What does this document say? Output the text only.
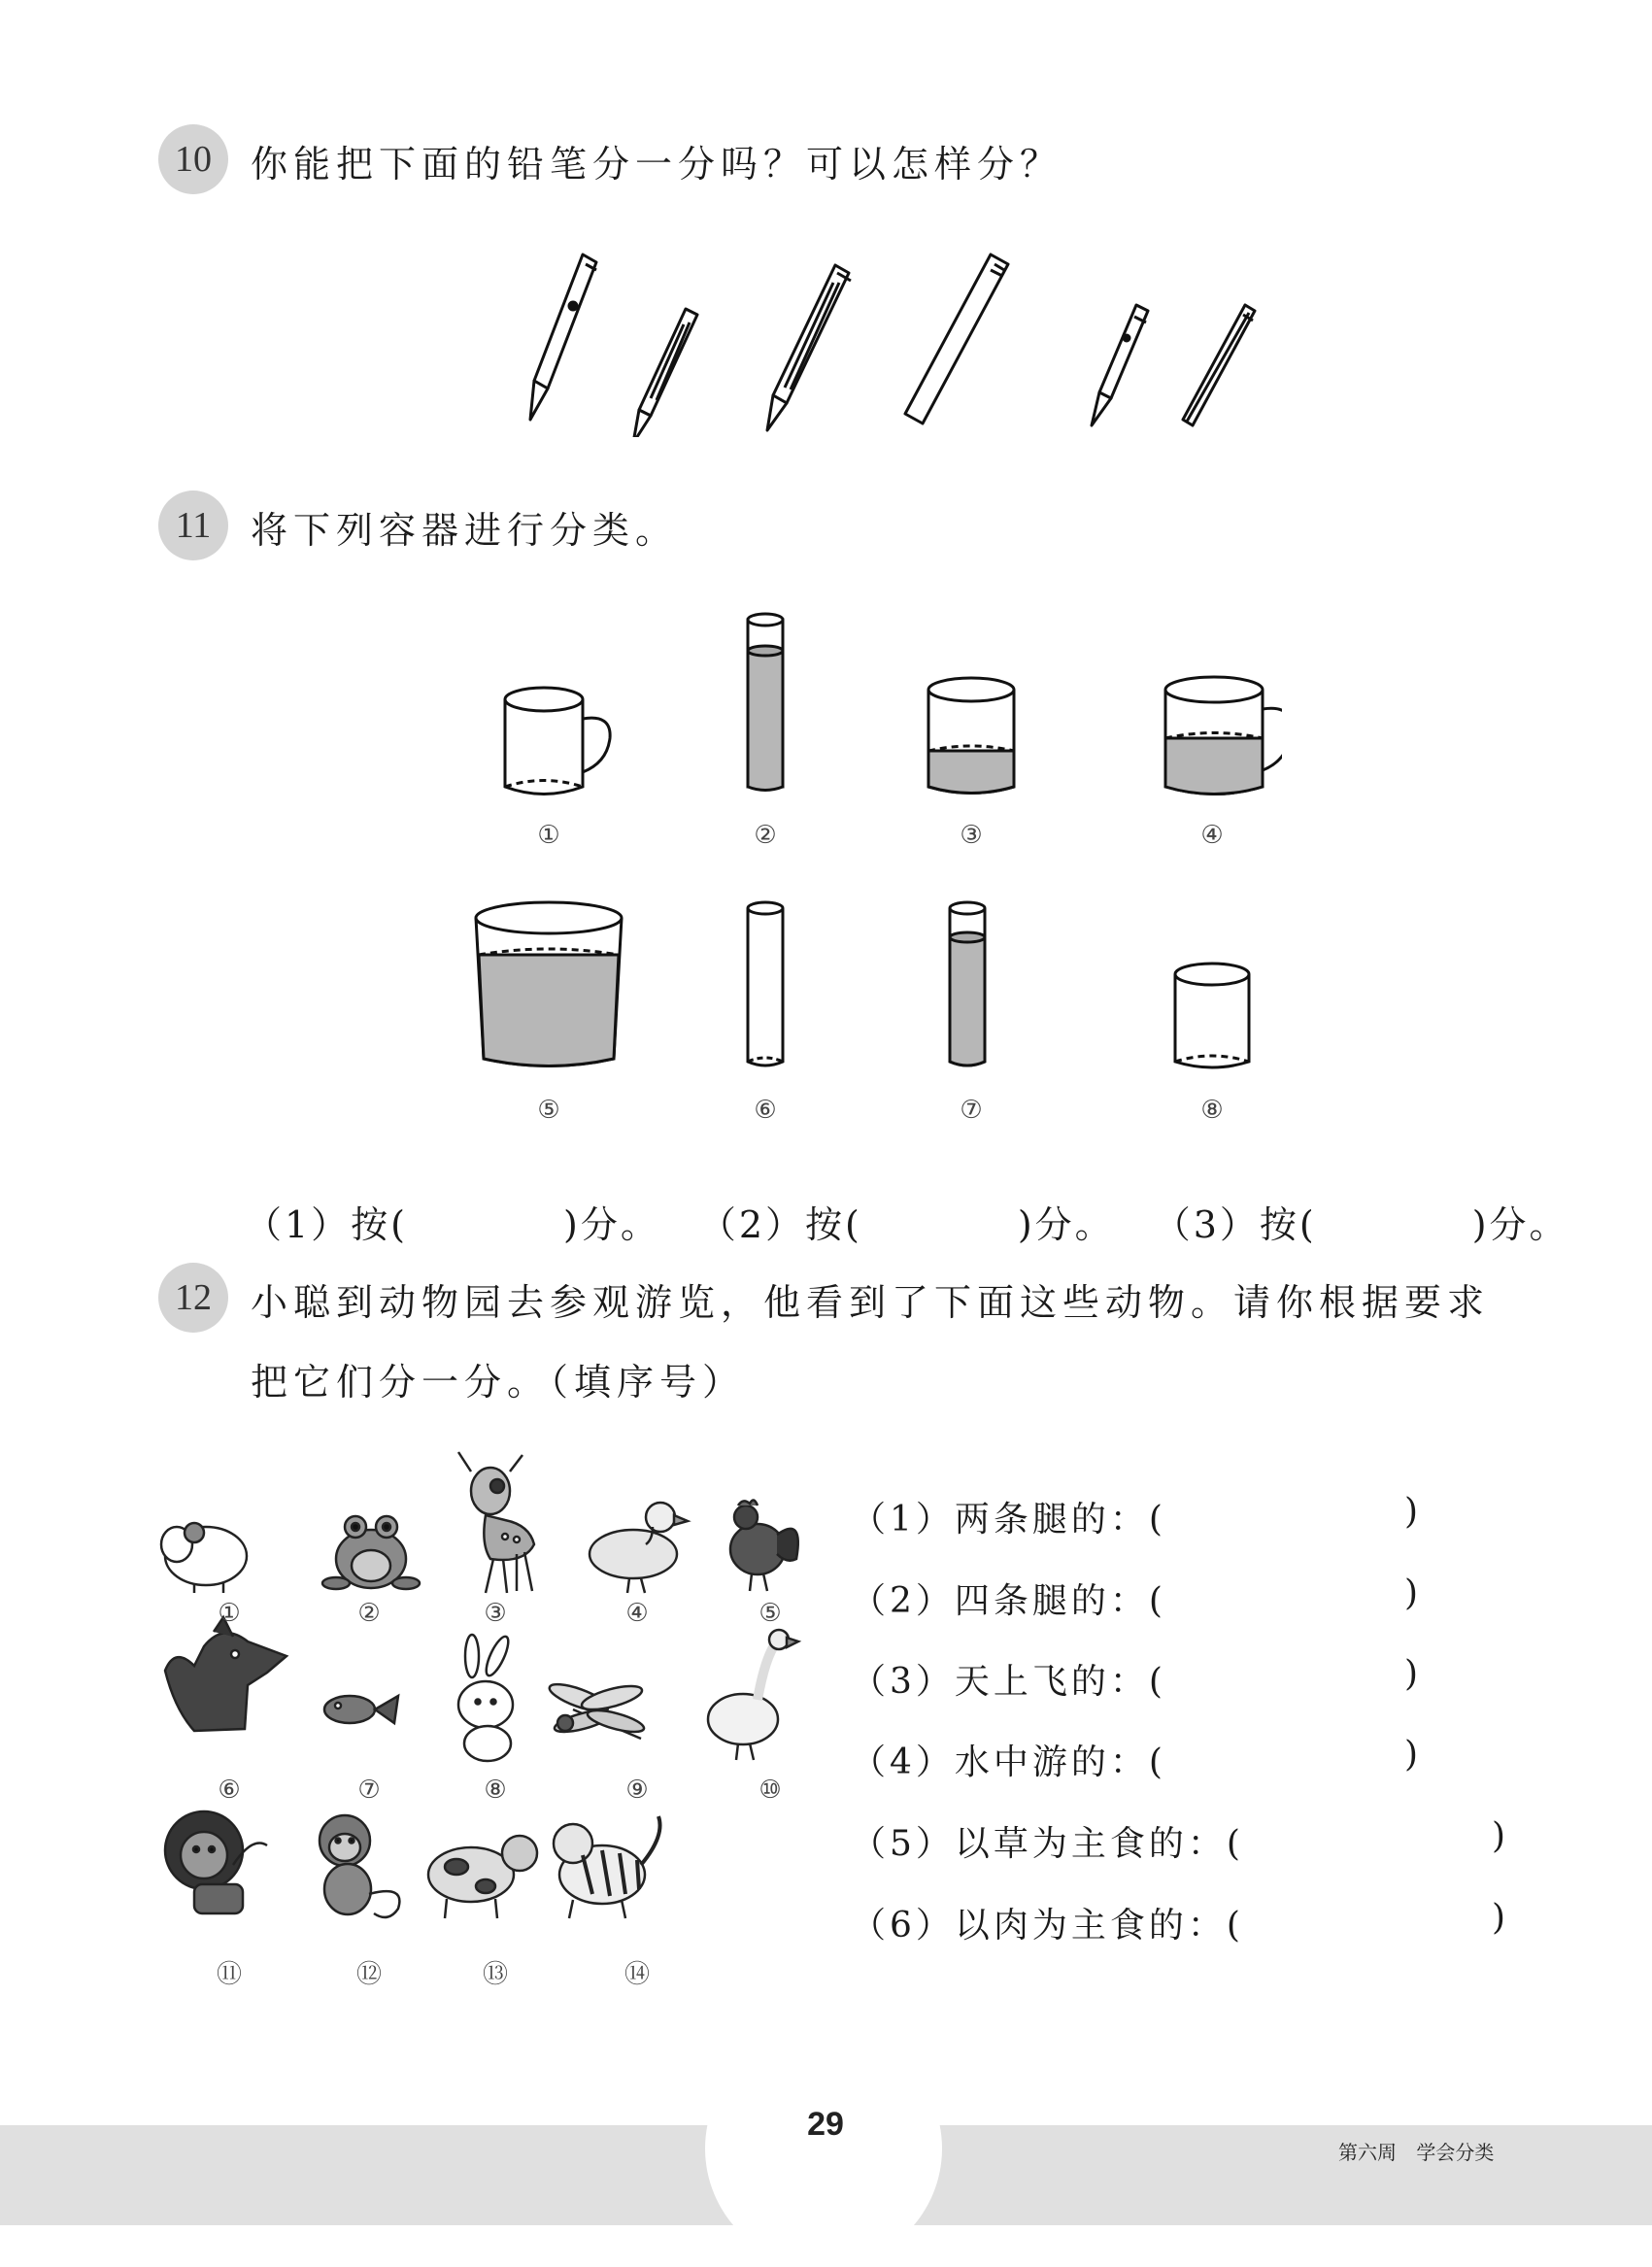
10	你能把下面的铅笔分一分吗？可以怎样分？
11	将下列容器进行分类。
①	②	③	④
⑤	⑥	⑦	⑧
（1）按(	)分。 （2）按(	)分。 （3）按(	)分。
12	小聪到动物园去参观游览，他看到了下面这些动物。请你根据要求
把它们分一分。（填序号）
①	②	③	④	⑤
⑥	⑦	⑧	⑨	⑩
⑪	⑫	⑬	⑭
（1）两条腿的：(	)
（2）四条腿的：(	)
（3）天上飞的：(	)
（4）水中游的：(	)
（5）以草为主食的：(	)
（6）以肉为主食的：(	)
29
第六周 学会分类
